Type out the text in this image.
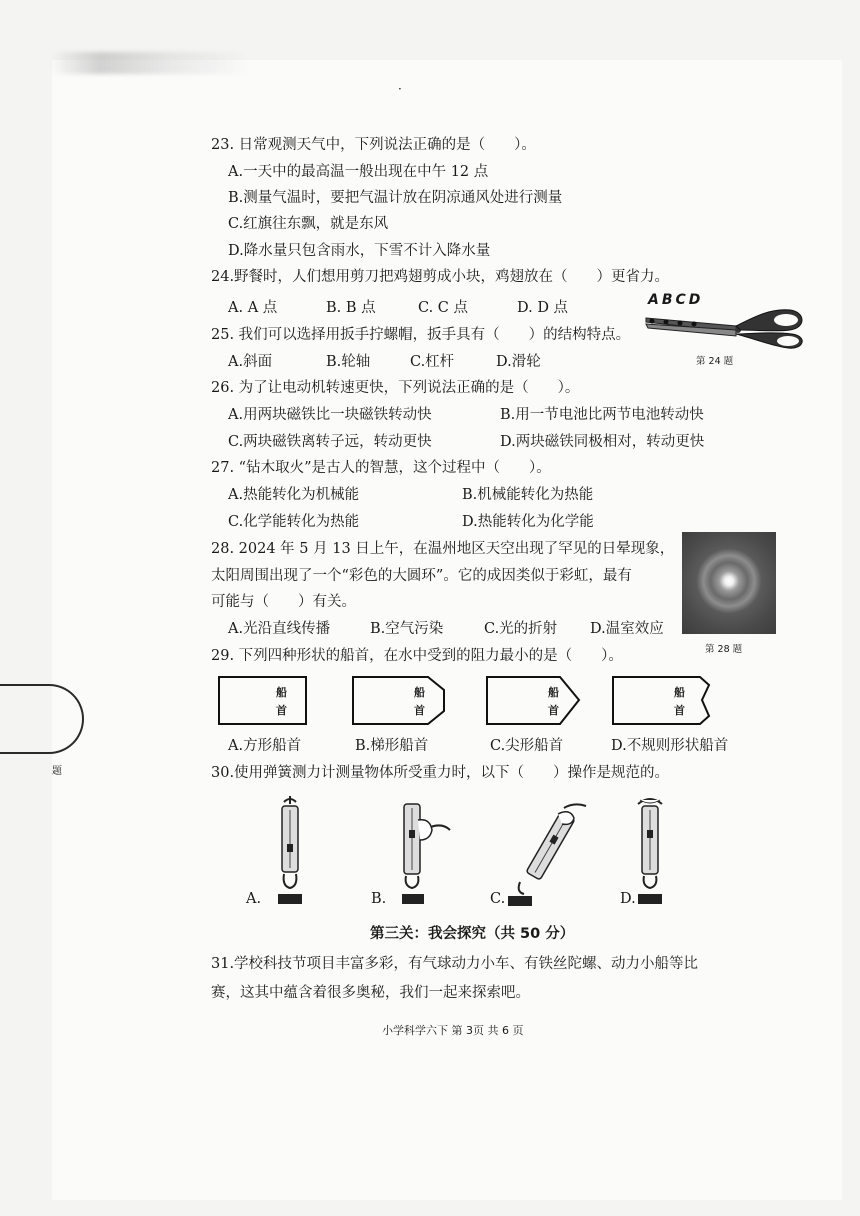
·
23. 日常观测天气中，下列说法正确的是（　　）。
A.一天中的最高温一般出现在中午 12 点
B.测量气温时，要把气温计放在阴凉通风处进行测量
C.红旗往东飘，就是东风
D.降水量只包含雨水，下雪不计入降水量
24.野餐时，人们想用剪刀把鸡翅剪成小块，鸡翅放在（　　）更省力。
A. A 点	B. B 点	C. C 点	D. D 点	ABCD
第 24 题
25. 我们可以选择用扳手拧螺帽，扳手具有（　　）的结构特点。
A.斜面	B.轮轴	C.杠杆	D.滑轮
26. 为了让电动机转速更快，下列说法正确的是（　　）。
A.用两块磁铁比一块磁铁转动快	B.用一节电池比两节电池转动快
C.两块磁铁离转子远，转动更快	D.两块磁铁同极相对，转动更快
27. “钻木取火”是古人的智慧，这个过程中（　　）。
A.热能转化为机械能	B.机械能转化为热能
C.化学能转化为热能	D.热能转化为化学能
28. 2024 年 5 月 13 日上午，在温州地区天空出现了罕见的日晕现象，
太阳周围出现了一个“彩色的大圆环”。它的成因类似于彩虹，最有
可能与（　　）有关。
A.光沿直线传播	B.空气污染	C.光的折射 D.温室效应
第 28 题
29. 下列四种形状的船首，在水中受到的阻力最小的是（　　）。
船
首
船
首
船
首
船
首
A.方形船首	B.梯形船首	C.尖形船首	D.不规则形状船首
题	30.使用弹簧测力计测量物体所受重力时，以下（　　）操作是规范的。
A.	B.	C.	D.
第三关：我会探究（共 50 分）
31.学校科技节项目丰富多彩，有气球动力小车、有铁丝陀螺、动力小船等比
赛，这其中蕴含着很多奥秘，我们一起来探索吧。
小学科学六下 第 3页 共 6 页
